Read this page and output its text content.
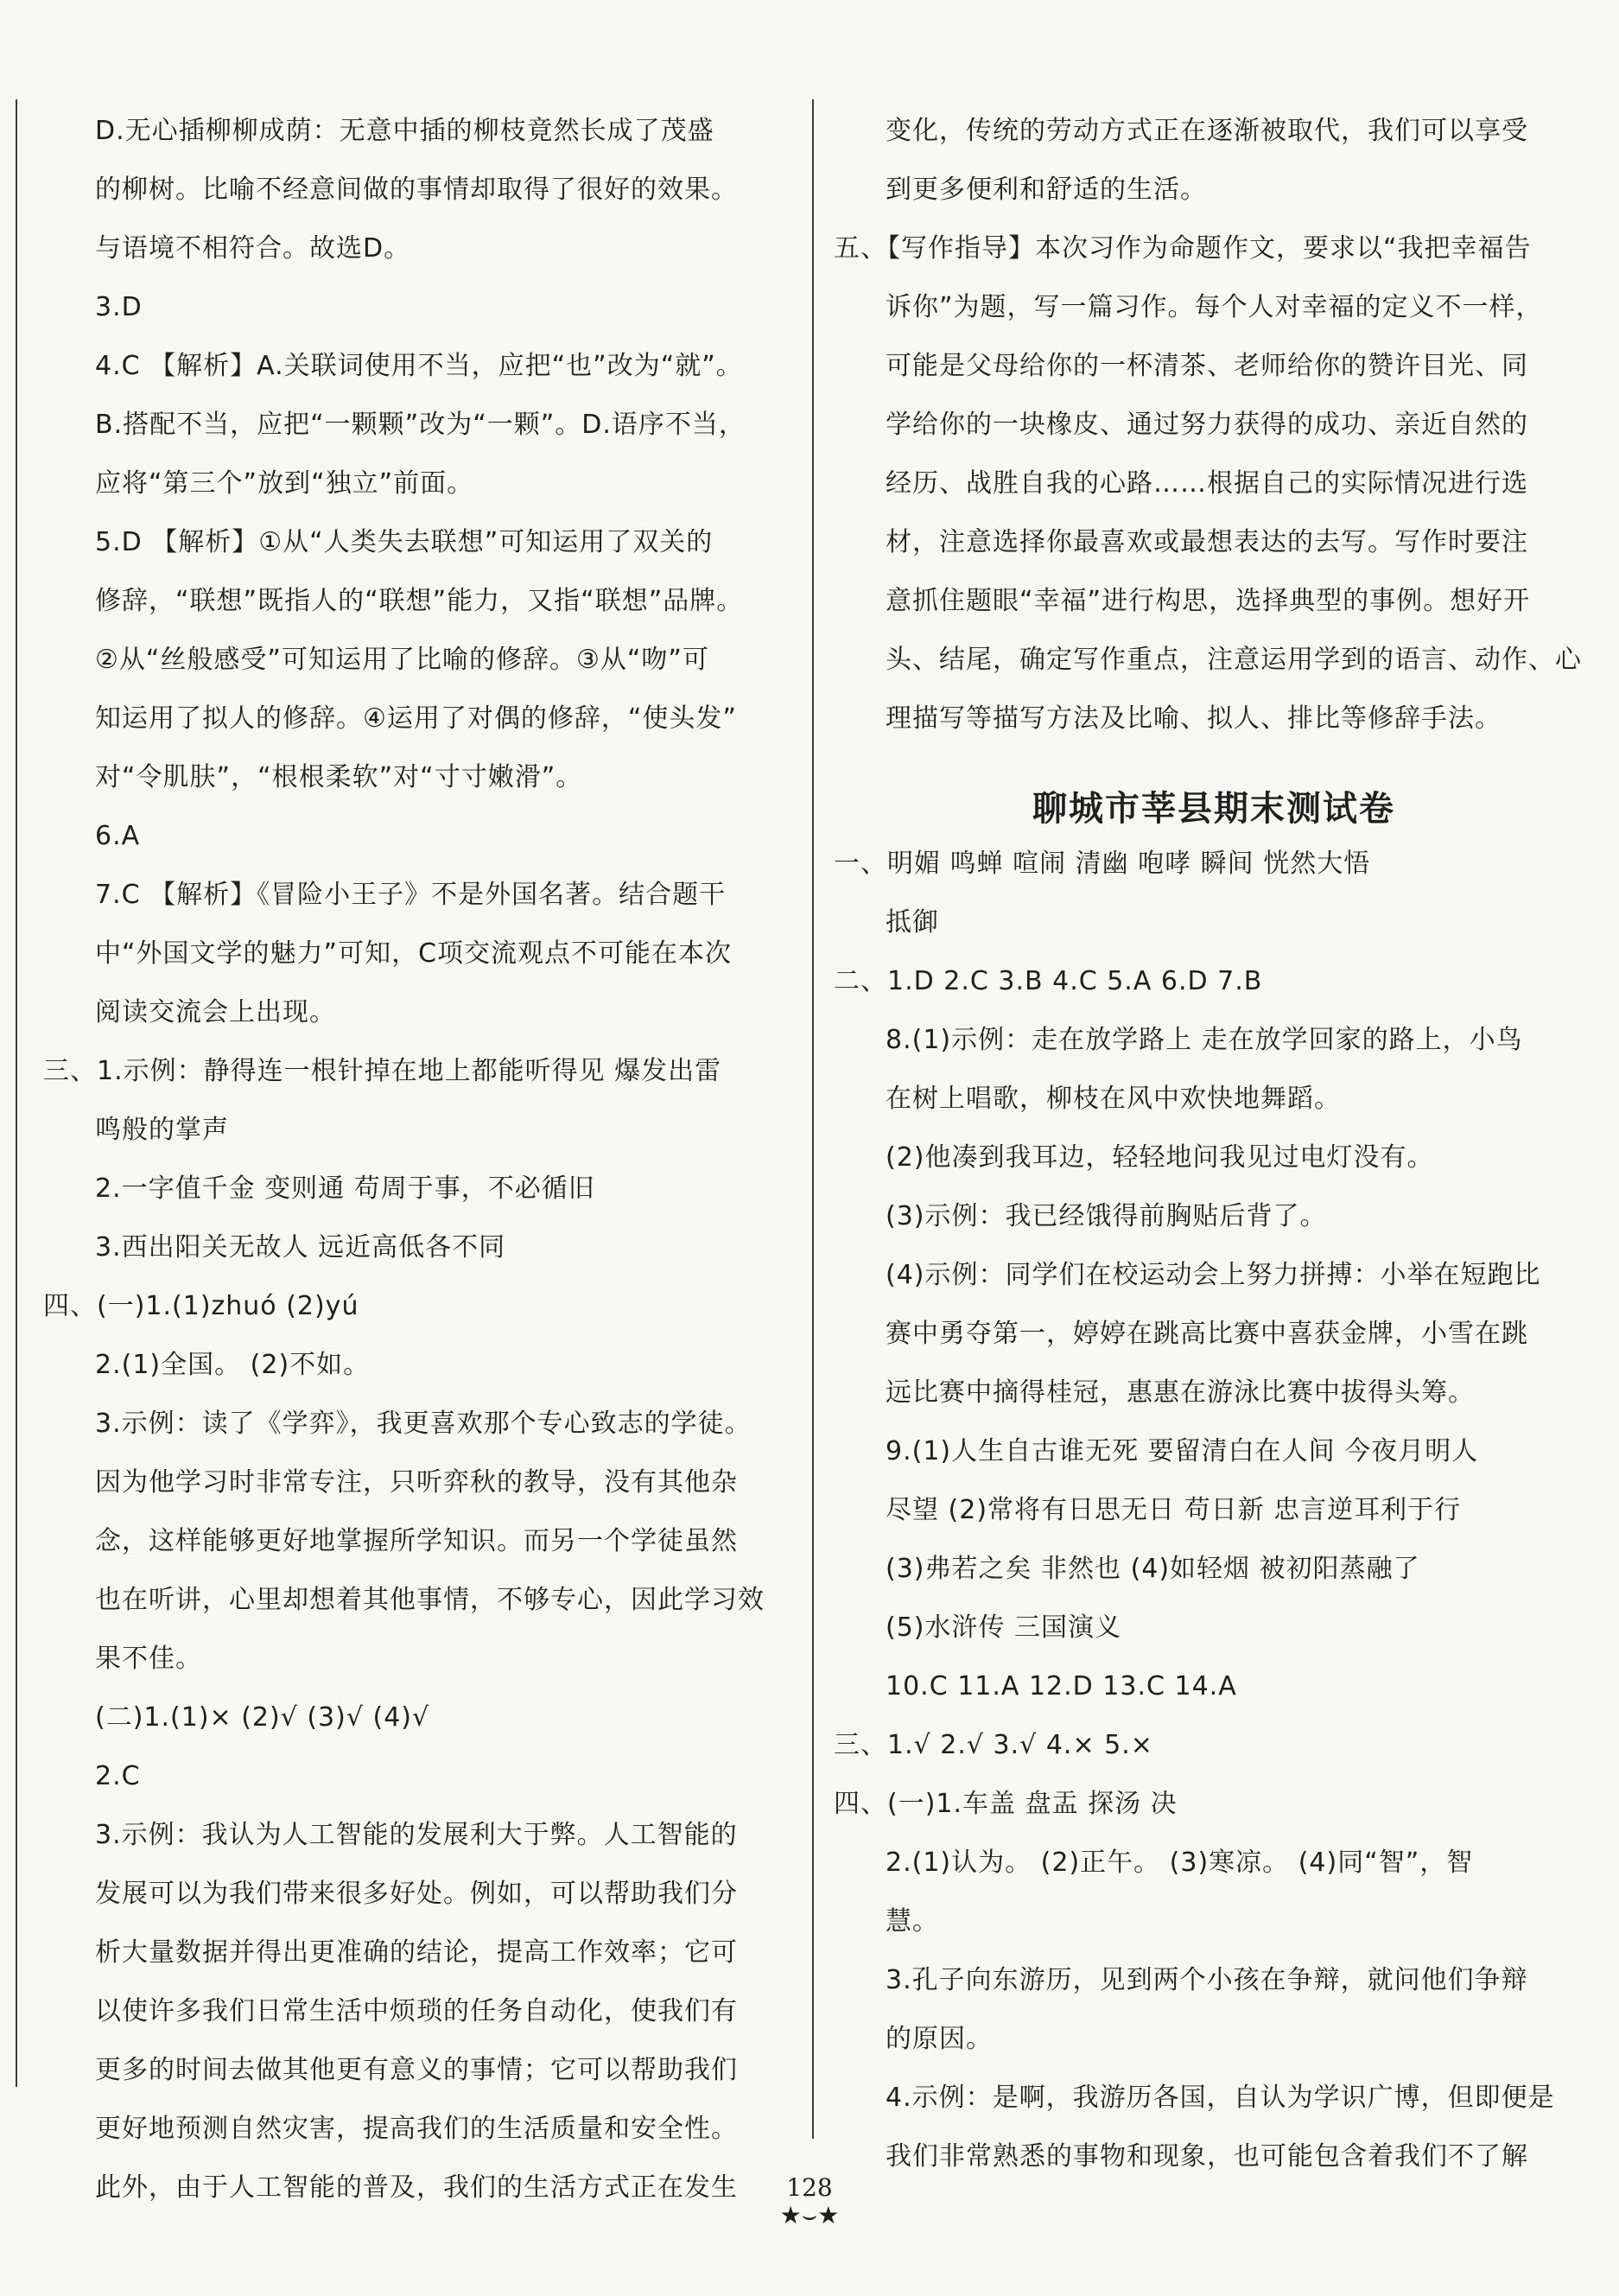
D.无心插柳柳成荫：无意中插的柳枝竟然长成了茂盛
的柳树。比喻不经意间做的事情却取得了很好的效果。
与语境不相符合。故选D。
3.D
4.C 【解析】A.关联词使用不当，应把“也”改为“就”。
B.搭配不当，应把“一颗颗”改为“一颗”。D.语序不当，
应将“第三个”放到“独立”前面。
5.D 【解析】①从“人类失去联想”可知运用了双关的
修辞，“联想”既指人的“联想”能力，又指“联想”品牌。
②从“丝般感受”可知运用了比喻的修辞。③从“吻”可
知运用了拟人的修辞。④运用了对偶的修辞，“使头发”
对“令肌肤”，“根根柔软”对“寸寸嫩滑”。
6.A
7.C 【解析】《冒险小王子》不是外国名著。结合题干
中“外国文学的魅力”可知，C项交流观点不可能在本次
阅读交流会上出现。
三、1.示例：静得连一根针掉在地上都能听得见 爆发出雷
鸣般的掌声
2.一字值千金 变则通 苟周于事，不必循旧
3.西出阳关无故人 远近高低各不同
四、(一)1.(1)zhuó (2)yú
2.(1)全国。 (2)不如。
3.示例：读了《学弈》，我更喜欢那个专心致志的学徒。
因为他学习时非常专注，只听弈秋的教导，没有其他杂
念，这样能够更好地掌握所学知识。而另一个学徒虽然
也在听讲，心里却想着其他事情，不够专心，因此学习效
果不佳。
(二)1.(1)× (2)√ (3)√ (4)√
2.C
3.示例：我认为人工智能的发展利大于弊。人工智能的
发展可以为我们带来很多好处。例如，可以帮助我们分
析大量数据并得出更准确的结论，提高工作效率；它可
以使许多我们日常生活中烦琐的任务自动化，使我们有
更多的时间去做其他更有意义的事情；它可以帮助我们
更好地预测自然灾害，提高我们的生活质量和安全性。
此外，由于人工智能的普及，我们的生活方式正在发生
变化，传统的劳动方式正在逐渐被取代，我们可以享受
到更多便利和舒适的生活。
五、【写作指导】本次习作为命题作文，要求以“我把幸福告
诉你”为题，写一篇习作。每个人对幸福的定义不一样，
可能是父母给你的一杯清茶、老师给你的赞许目光、同
学给你的一块橡皮、通过努力获得的成功、亲近自然的
经历、战胜自我的心路……根据自己的实际情况进行选
材，注意选择你最喜欢或最想表达的去写。写作时要注
意抓住题眼“幸福”进行构思，选择典型的事例。想好开
头、结尾，确定写作重点，注意运用学到的语言、动作、心
理描写等描写方法及比喻、拟人、排比等修辞手法。
聊城市莘县期末测试卷
一、明媚 鸣蝉 喧闹 清幽 咆哮 瞬间 恍然大悟
抵御
二、1.D 2.C 3.B 4.C 5.A 6.D 7.B
8.(1)示例：走在放学路上 走在放学回家的路上，小鸟
在树上唱歌，柳枝在风中欢快地舞蹈。
(2)他凑到我耳边，轻轻地问我见过电灯没有。
(3)示例：我已经饿得前胸贴后背了。
(4)示例：同学们在校运动会上努力拼搏：小举在短跑比
赛中勇夺第一，婷婷在跳高比赛中喜获金牌，小雪在跳
远比赛中摘得桂冠，惠惠在游泳比赛中拔得头筹。
9.(1)人生自古谁无死 要留清白在人间 今夜月明人
尽望 (2)常将有日思无日 苟日新 忠言逆耳利于行
(3)弗若之矣 非然也 (4)如轻烟 被初阳蒸融了
(5)水浒传 三国演义
10.C 11.A 12.D 13.C 14.A
三、1.√ 2.√ 3.√ 4.× 5.×
四、(一)1.车盖 盘盂 探汤 决
2.(1)认为。 (2)正午。 (3)寒凉。 (4)同“智”，智
慧。
3.孔子向东游历，见到两个小孩在争辩，就问他们争辩
的原因。
4.示例：是啊，我游历各国，自认为学识广博，但即便是
我们非常熟悉的事物和现象，也可能包含着我们不了解
128
★⌣★
